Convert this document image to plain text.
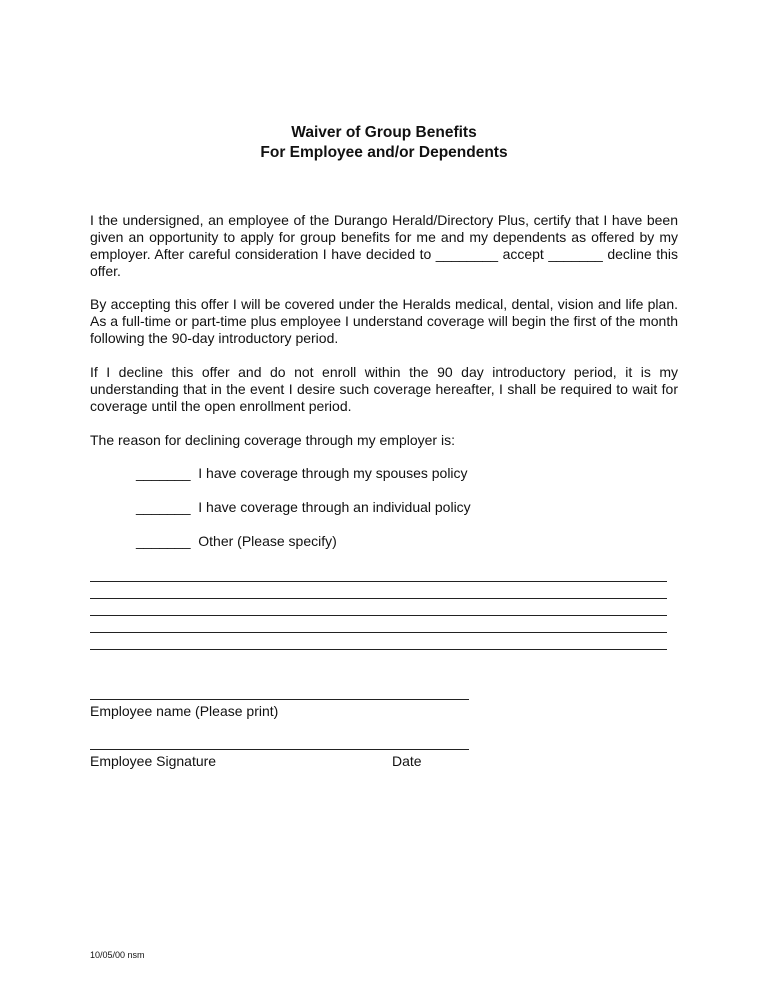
Waiver of Group Benefits
For Employee and/or Dependents

I the undersigned, an employee of the Durango Herald/Directory Plus, certify that I have been given an opportunity to apply for group benefits for me and my dependents as offered by my employer. After careful consideration I have decided to ________ accept _______ decline this offer.

By accepting this offer I will be covered under the Heralds medical, dental, vision and life plan. As a full-time or part-time plus employee I understand coverage will begin the first of the month following the 90-day introductory period.

If I decline this offer and do not enroll within the 90 day introductory period, it is my understanding that in the event I desire such coverage hereafter, I shall be required to wait for coverage until the open enrollment period.

The reason for declining coverage through my employer is:

_______  I have coverage through my spouses policy
_______  I have coverage through an individual policy
_______  Other (Please specify)
Employee name (Please print)
Employee Signature	Date
10/05/00 nsm
